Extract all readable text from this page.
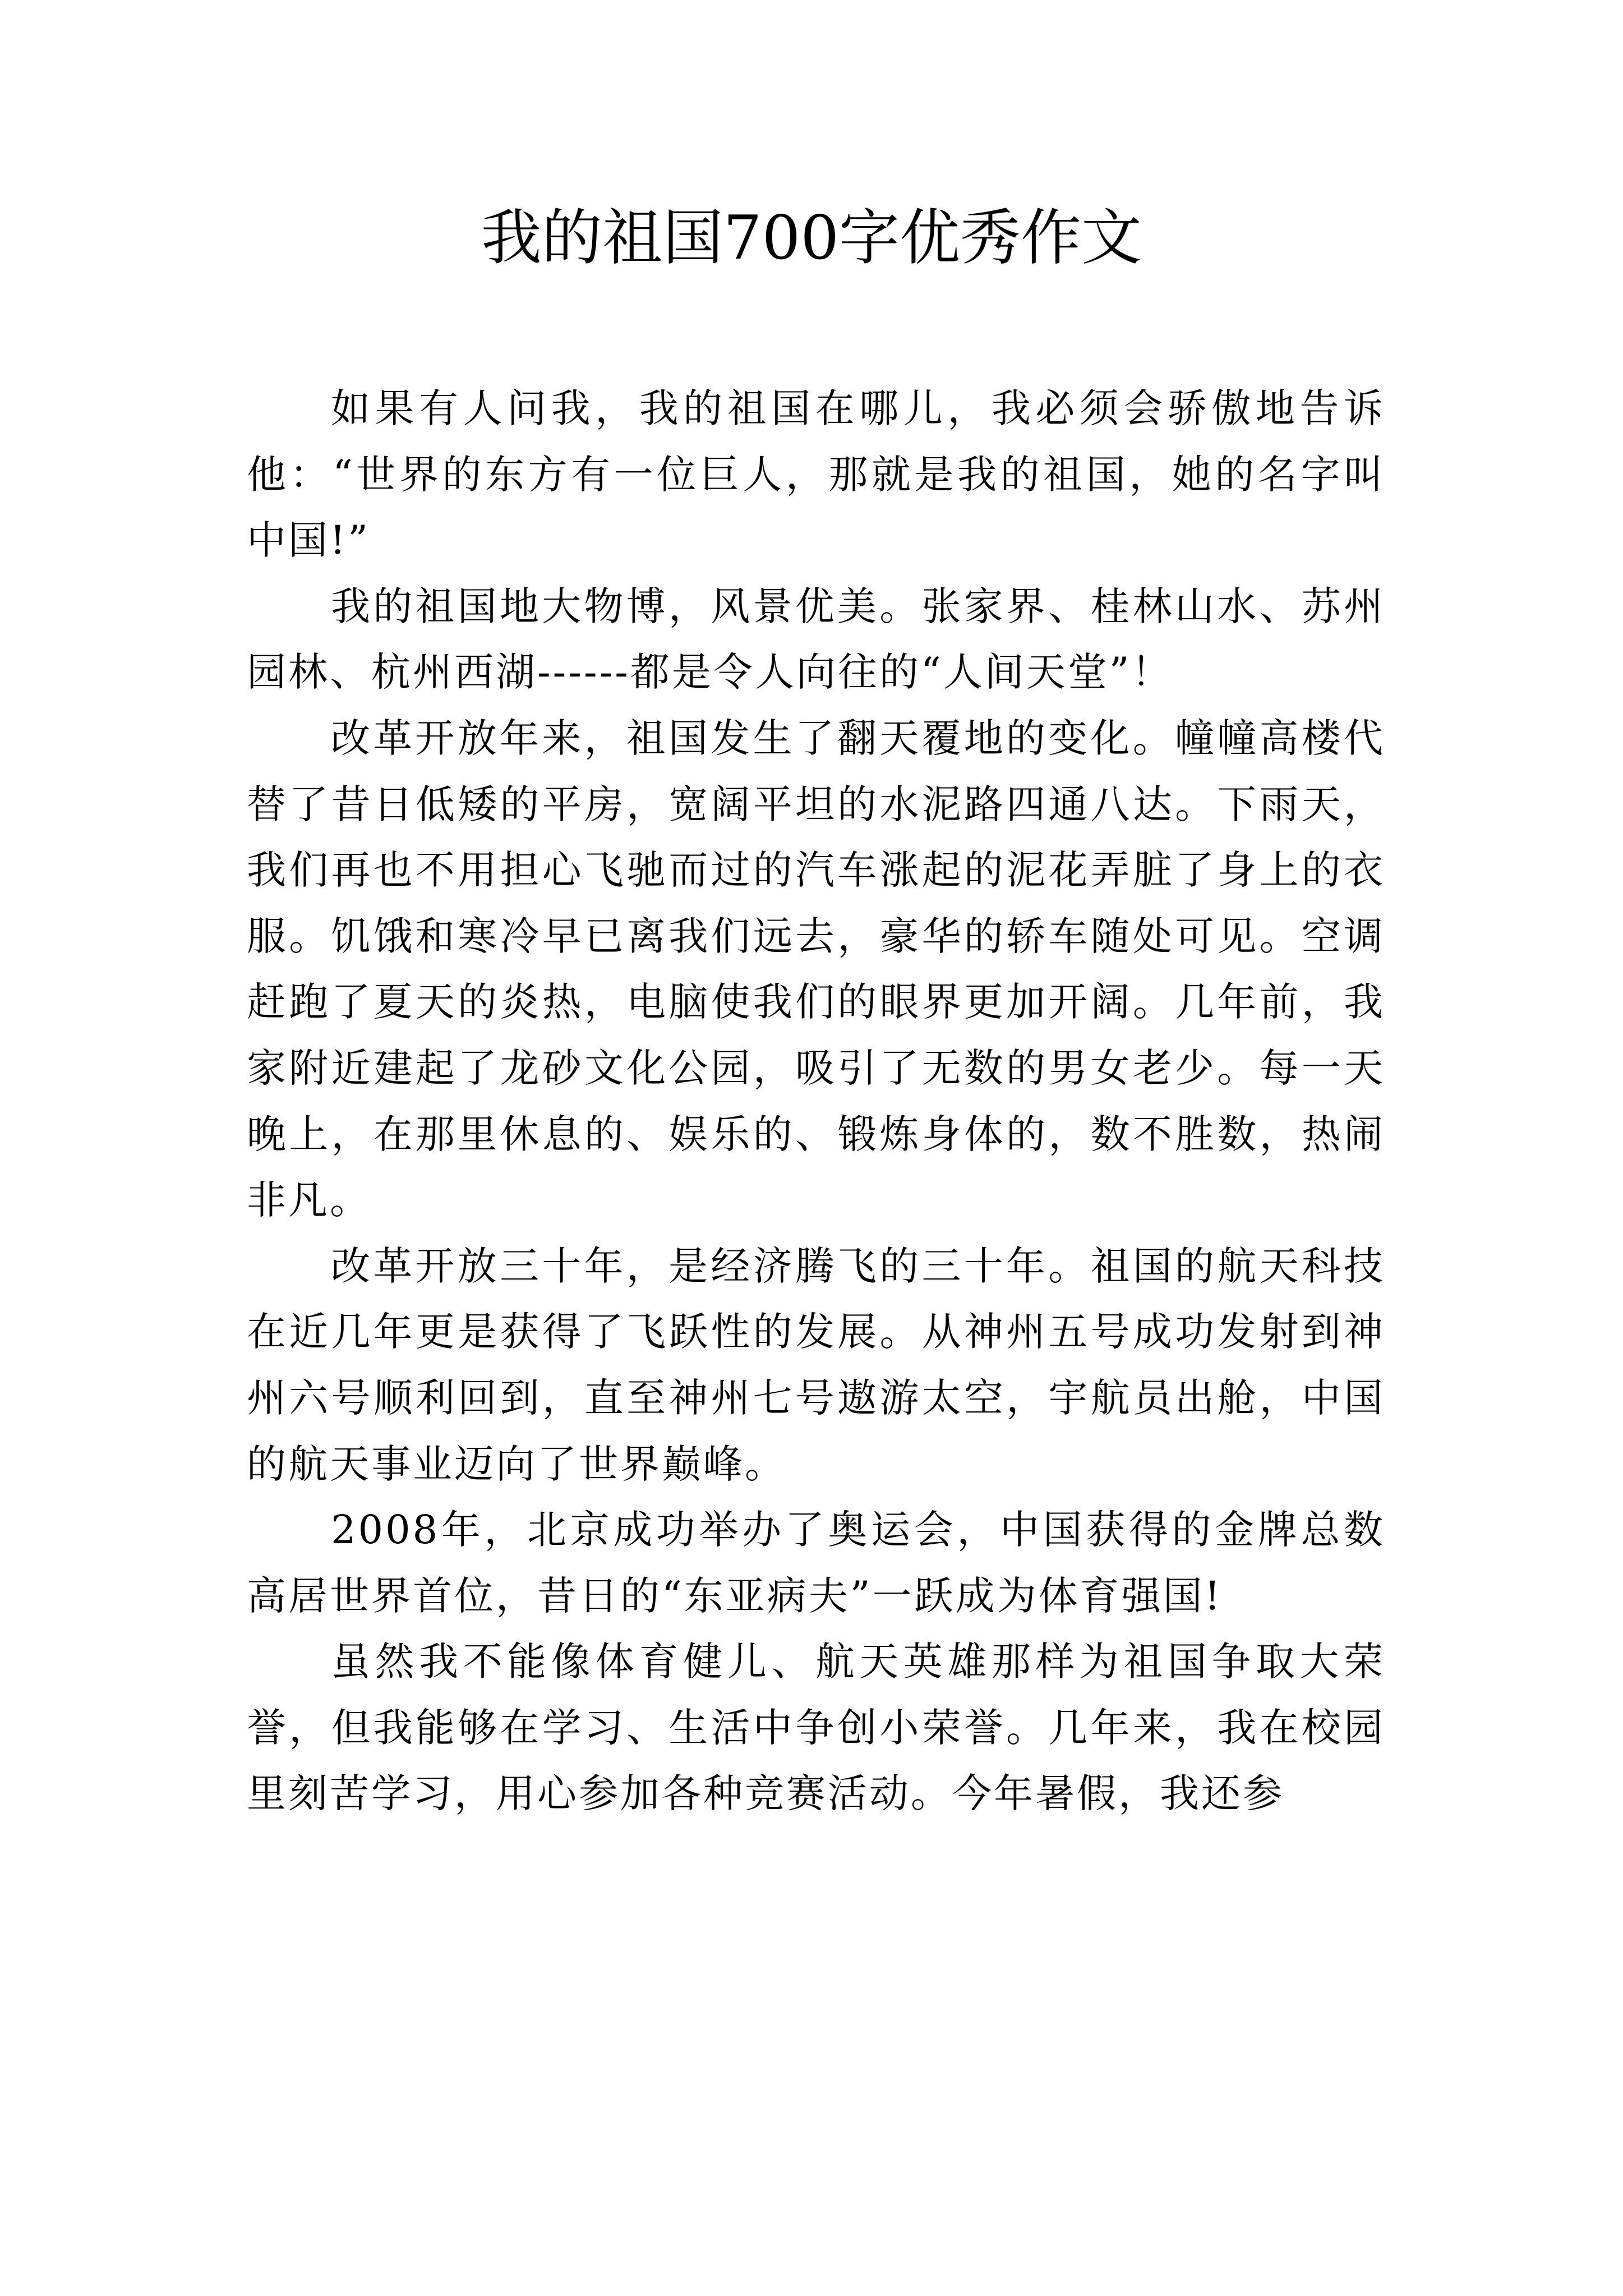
我的祖国700字优秀作文

如果有人问我，我的祖国在哪儿，我必须会骄傲地告诉他：“世界的东方有一位巨人，那就是我的祖国，她的名字叫中国!”

我的祖国地大物博，风景优美。张家界、桂林山水、苏州园林、杭州西湖------都是令人向往的“人间天堂”！

改革开放年来，祖国发生了翻天覆地的变化。幢幢高楼代替了昔日低矮的平房，宽阔平坦的水泥路四通八达。下雨天，我们再也不用担心飞驰而过的汽车涨起的泥花弄脏了身上的衣服。饥饿和寒冷早已离我们远去，豪华的轿车随处可见。空调赶跑了夏天的炎热，电脑使我们的眼界更加开阔。几年前，我家附近建起了龙砂文化公园，吸引了无数的男女老少。每一天晚上，在那里休息的、娱乐的、锻炼身体的，数不胜数，热闹非凡。

改革开放三十年，是经济腾飞的三十年。祖国的航天科技在近几年更是获得了飞跃性的发展。从神州五号成功发射到神州六号顺利回到，直至神州七号遨游太空，宇航员出舱，中国的航天事业迈向了世界巅峰。

2008年，北京成功举办了奥运会，中国获得的金牌总数高居世界首位，昔日的“东亚病夫”一跃成为体育强国!

虽然我不能像体育健儿、航天英雄那样为祖国争取大荣誉，但我能够在学习、生活中争创小荣誉。几年来，我在校园里刻苦学习，用心参加各种竞赛活动。今年暑假，我还参
